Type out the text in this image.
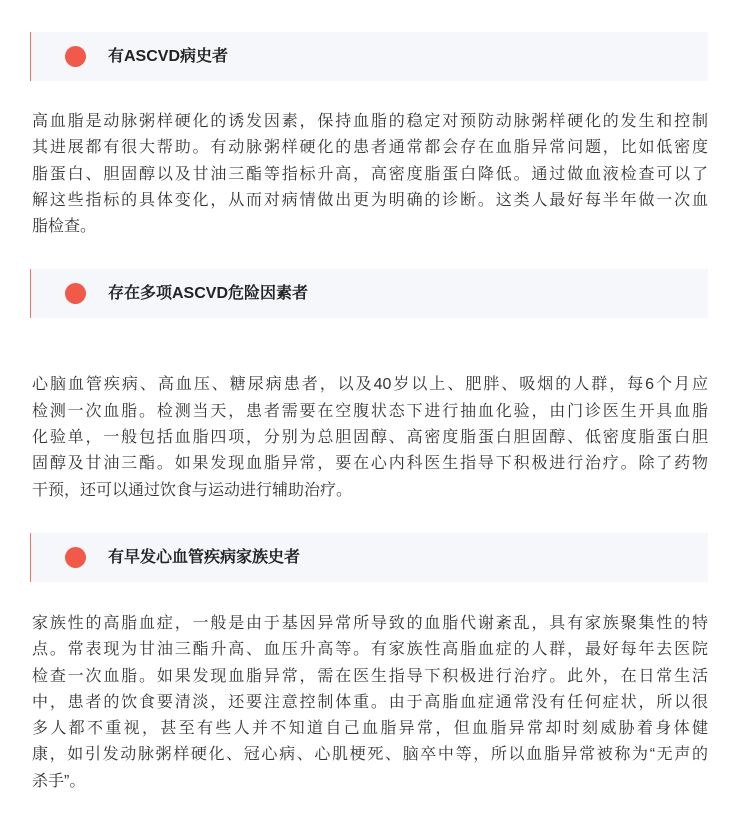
有ASCVD病史者
高血脂是动脉粥样硬化的诱发因素，保持血脂的稳定对预防动脉粥样硬化的发生和控制
其进展都有很大帮助。有动脉粥样硬化的患者通常都会存在血脂异常问题，比如低密度
脂蛋白、胆固醇以及甘油三酯等指标升高，高密度脂蛋白降低。通过做血液检查可以了
解这些指标的具体变化，从而对病情做出更为明确的诊断。这类人最好每半年做一次血
脂检查。
存在多项ASCVD危险因素者
心脑血管疾病、高血压、糖尿病患者，以及40岁以上、肥胖、吸烟的人群，每6个月应
检测一次血脂。检测当天，患者需要在空腹状态下进行抽血化验，由门诊医生开具血脂
化验单，一般包括血脂四项，分别为总胆固醇、高密度脂蛋白胆固醇、低密度脂蛋白胆
固醇及甘油三酯。如果发现血脂异常，要在心内科医生指导下积极进行治疗。除了药物
干预，还可以通过饮食与运动进行辅助治疗。
有早发心血管疾病家族史者
家族性的高脂血症，一般是由于基因异常所导致的血脂代谢紊乱，具有家族聚集性的特
点。常表现为甘油三酯升高、血压升高等。有家族性高脂血症的人群，最好每年去医院
检查一次血脂。如果发现血脂异常，需在医生指导下积极进行治疗。此外，在日常生活
中，患者的饮食要清淡，还要注意控制体重。由于高脂血症通常没有任何症状，所以很
多人都不重视，甚至有些人并不知道自己血脂异常，但血脂异常却时刻威胁着身体健
康，如引发动脉粥样硬化、冠心病、心肌梗死、脑卒中等，所以血脂异常被称为“无声的
杀手”。
